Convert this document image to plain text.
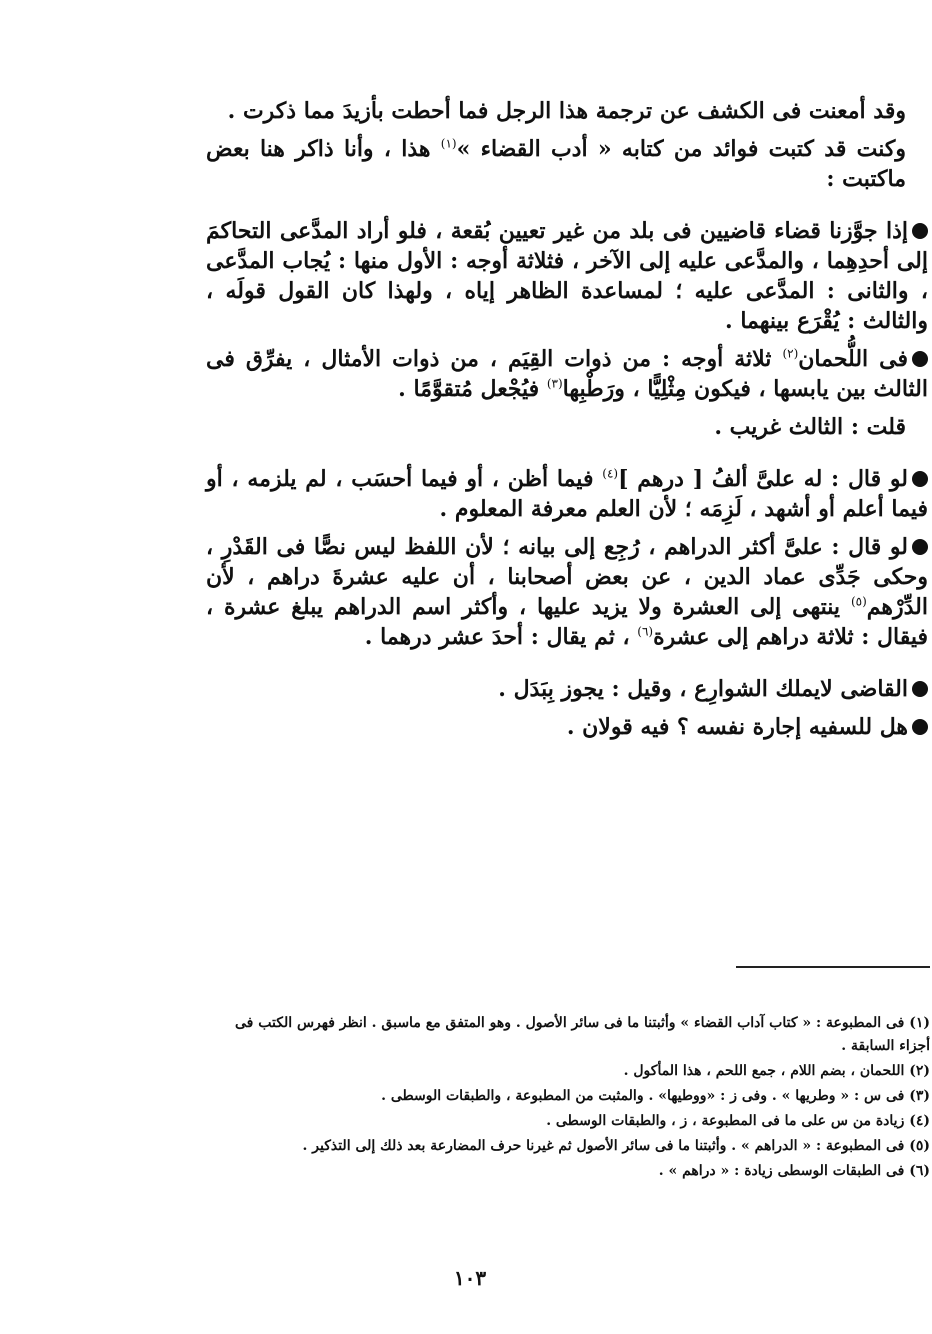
وقد أمعنت فى الكشف عن ترجمة هذا الرجل فما أحطت بأزيدَ مما ذكرت .

وكنت قد كتبت فوائد من كتابه « أدب القضاء »$^{(١)}$ هذا ، وأنا ذاكر هنا بعض ماكتبت :

إذا جوَّزنا قضاء قاضيين فى بلد من غير تعيين بُقعة ، فلو أراد المدَّعى التحاكمَ إلى أحدِهِما ، والمدَّعى عليه إلى الآخر ، فثلاثة أوجه : الأول منها : يُجاب المدَّعى ، والثانى : المدَّعى عليه ؛ لمساعدة الظاهر إياه ، ولهذا كان القول قولَه ، والثالث : يُقْرَع بينهما .

فى اللُّحمان$^{(٢)}$ ثلاثة أوجه : من ذوات القِيَم ، من ذوات الأمثال ، يفرِّق فى الثالث بين يابسها ، فيكون مِثْلِيًّا ، ورَطْبِها$^{(٣)}$ فيُجْعل مُتقوَّمًا .

قلت : الثالث غريب .

لو قال : له علىَّ ألفُ [ درهم ]$^{(٤)}$ فيما أظن ، أو فيما أحسَب ، لم يلزمه ، أو فيما أعلم أو أشهد ، لَزِمَه ؛ لأن العلم معرفة المعلوم .

لو قال : علىَّ أكثر الدراهم ، رُجِع إلى بيانه ؛ لأن اللفظ ليس نصًّا فى القَدْرِ ، وحكى جَدِّى عماد الدين ، عن بعض أصحابنا ، أن عليه عشرةَ دراهم ، لأن الدِّرْهم$^{(٥)}$ ينتهى إلى العشرة ولا يزيد عليها ، وأكثر اسم الدراهم يبلغ عشرة ، فيقال : ثلاثة دراهم إلى عشرة$^{(٦)}$ ، ثم يقال : أحدَ عشر درهما .

القاضى لايملك الشوارِع ، وقيل : يجوز بِبَدَل .

هل للسفيه إجارة نفسه ؟ فيه قولان .

(١) فى المطبوعة : « كتاب آداب القضاء » وأثبتنا ما فى سائر الأصول . وهو المتفق مع ماسبق . انظر فهرس الكتب فى أجزاء السابقة .

(٢) اللحمان ، بضم اللام ، جمع اللحم ، هذا المأكول .

(٣) فى س : « وطريها » . وفى ز : «ووطيها» . والمثبت من المطبوعة ، والطبقات الوسطى .

(٤) زيادة من س على ما فى المطبوعة ، ز ، والطبقات الوسطى .

(٥) فى المطبوعة : « الدراهم » . وأثبتنا ما فى سائر الأصول ثم غيرنا حرف المضارعة بعد ذلك إلى التذكير .

(٦) فى الطبقات الوسطى زيادة : « دراهم » .

١٠٣
